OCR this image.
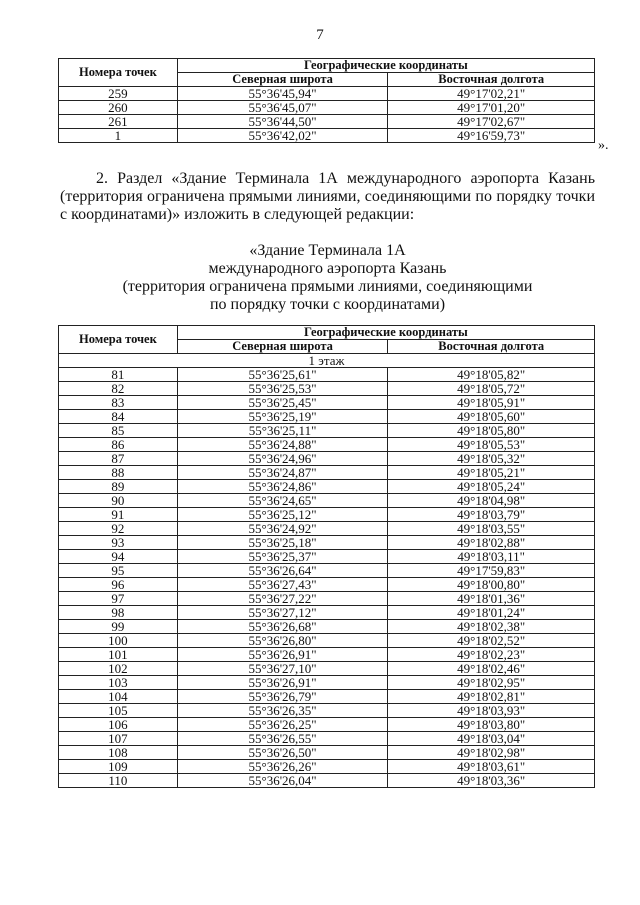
7
Номера точек	Географические координаты	
	Северная широта	Восточная долгота
259	55°36'45,94"	49°17'02,21"
260	55°36'45,07"	49°17'01,20"
261	55°36'44,50"	49°17'02,67"
1	55°36'42,02"	49°16'59,73"
».
2. Раздел «Здание Терминала 1А международного аэропорта Казань (территория ограничена прямыми линиями, соединяющими по порядку точки с координатами)» изложить в следующей редакции:
«Здание Терминала 1А
международного аэропорта Казань
(территория ограничена прямыми линиями, соединяющими
по порядку точки с координатами)
Номера точек	Географические координаты	
	Северная широта	Восточная долгота
1 этаж		
81	55°36'25,61"	49°18'05,82"
82	55°36'25,53"	49°18'05,72"
83	55°36'25,45"	49°18'05,91"
84	55°36'25,19"	49°18'05,60"
85	55°36'25,11"	49°18'05,80"
86	55°36'24,88"	49°18'05,53"
87	55°36'24,96"	49°18'05,32"
88	55°36'24,87"	49°18'05,21"
89	55°36'24,86"	49°18'05,24"
90	55°36'24,65"	49°18'04,98"
91	55°36'25,12"	49°18'03,79"
92	55°36'24,92"	49°18'03,55"
93	55°36'25,18"	49°18'02,88"
94	55°36'25,37"	49°18'03,11"
95	55°36'26,64"	49°17'59,83"
96	55°36'27,43"	49°18'00,80"
97	55°36'27,22"	49°18'01,36"
98	55°36'27,12"	49°18'01,24"
99	55°36'26,68"	49°18'02,38"
100	55°36'26,80"	49°18'02,52"
101	55°36'26,91"	49°18'02,23"
102	55°36'27,10"	49°18'02,46"
103	55°36'26,91"	49°18'02,95"
104	55°36'26,79"	49°18'02,81"
105	55°36'26,35"	49°18'03,93"
106	55°36'26,25"	49°18'03,80"
107	55°36'26,55"	49°18'03,04"
108	55°36'26,50"	49°18'02,98"
109	55°36'26,26"	49°18'03,61"
110	55°36'26,04"	49°18'03,36"
